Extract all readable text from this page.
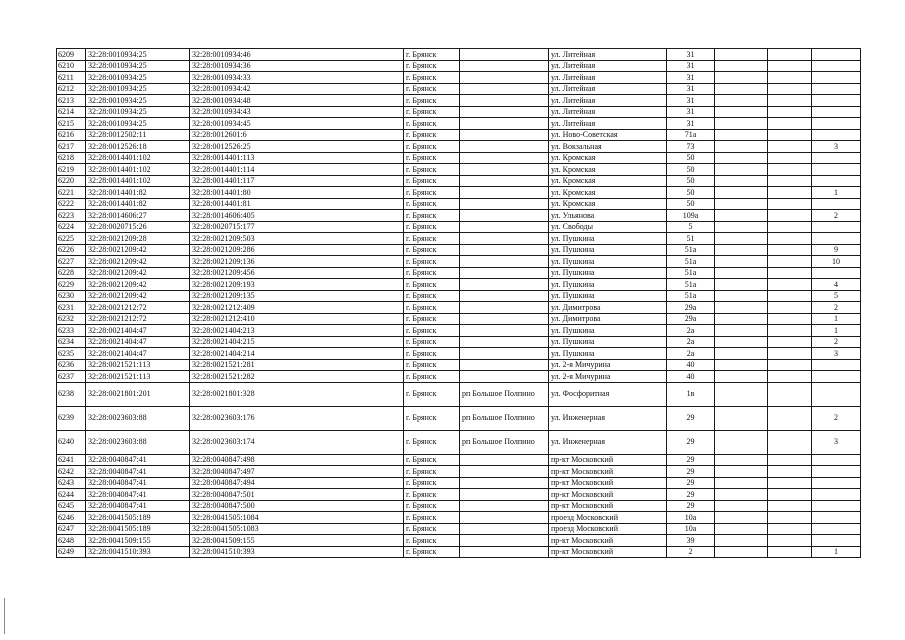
6209	32:28:0010934:25	32:28:0010934:46	г. Брянск		ул. Литейная	31			
6210	32:28:0010934:25	32:28:0010934:36	г. Брянск		ул. Литейная	31			
6211	32:28:0010934:25	32:28:0010934:33	г. Брянск		ул. Литейная	31			
6212	32:28:0010934:25	32:28:0010934:42	г. Брянск		ул. Литейная	31			
6213	32:28:0010934:25	32:28:0010934:48	г. Брянск		ул. Литейная	31			
6214	32:28:0010934:25	32:28:0010934:43	г. Брянск		ул. Литейная	31			
6215	32:28:0010934:25	32:28:0010934:45	г. Брянск		ул. Литейная	31			
6216	32:28:0012502:11	32:28:0012601:6	г. Брянск		ул. Ново-Советская	71а			
6217	32:28:0012526:18	32:28:0012526:25	г. Брянск		ул. Вокзальная	73			3
6218	32:28:0014401:102	32:28:0014401:113	г. Брянск		ул. Кромская	50			
6219	32:28:0014401:102	32:28:0014401:114	г. Брянск		ул. Кромская	50			
6220	32:28:0014401:102	32:28:0014401:117	г. Брянск		ул. Кромская	50			
6221	32:28:0014401:82	32:28:0014401:80	г. Брянск		ул. Кромская	50			1
6222	32:28:0014401:82	32:28:0014401:81	г. Брянск		ул. Кромская	50			
6223	32:28:0014606:27	32:28:0014606:405	г. Брянск		ул. Ульянова	109а			2
6224	32:28:0020715:26	32:28:0020715:177	г. Брянск		ул. Свободы	5			
6225	32:28:0021209:28	32:28:0021209:503	г. Брянск		ул. Пушкина	51			
6226	32:28:0021209:42	32:28:0021209:286	г. Брянск		ул. Пушкина	51а			9
6227	32:28:0021209:42	32:28:0021209:136	г. Брянск		ул. Пушкина	51а			10
6228	32:28:0021209:42	32:28:0021209:456	г. Брянск		ул. Пушкина	51а			
6229	32:28:0021209:42	32:28:0021209:193	г. Брянск		ул. Пушкина	51а			4
6230	32:28:0021209:42	32:28:0021209:135	г. Брянск		ул. Пушкина	51а			5
6231	32:28:0021212:72	32:28:0021212:409	г. Брянск		ул. Димитрова	29а			2
6232	32:28:0021212:72	32:28:0021212:410	г. Брянск		ул. Димитрова	29а			1
6233	32:28:0021404:47	32:28:0021404:213	г. Брянск		ул. Пушкина	2а			1
6234	32:28:0021404:47	32:28:0021404:215	г. Брянск		ул. Пушкина	2а			2
6235	32:28:0021404:47	32:28:0021404:214	г. Брянск		ул. Пушкина	2а			3
6236	32:28:0021521:113	32:28:0021521:281	г. Брянск		ул. 2-я Мичурина	40			
6237	32:28:0021521:113	32:28:0021521:282	г. Брянск		ул. 2-я Мичурина	40			
6238	32:28:0021801:201	32:28:0021801:328	г. Брянск	рп Большое Полпино	ул. Фосфоритная	1в			
6239	32:28:0023603:88	32:28:0023603:176	г. Брянск	рп Большое Полпино	ул. Инженерная	29			2
6240	32:28:0023603:88	32:28:0023603:174	г. Брянск	рп Большое Полпино	ул. Инженерная	29			3
6241	32:28:0040847:41	32:28:0040847:498	г. Брянск		пр-кт Московский	29			
6242	32:28:0040847:41	32:28:0040847:497	г. Брянск		пр-кт Московский	29			
6243	32:28:0040847:41	32:28:0040847:494	г. Брянск		пр-кт Московский	29			
6244	32:28:0040847:41	32:28:0040847:501	г. Брянск		пр-кт Московский	29			
6245	32:28:0040847:41	32:28:0040847:500	г. Брянск		пр-кт Московский	29			
6246	32:28:0041505:189	32:28:0041505:1084	г. Брянск		проезд Московский	10а			
6247	32:28:0041505:189	32:28:0041505:1083	г. Брянск		проезд Московский	10а			
6248	32:28:0041509:155	32:28:0041509:155	г. Брянск		пр-кт Московский	39			
6249	32:28:0041510:393	32:28:0041510:393	г. Брянск		пр-кт Московский	2			1
